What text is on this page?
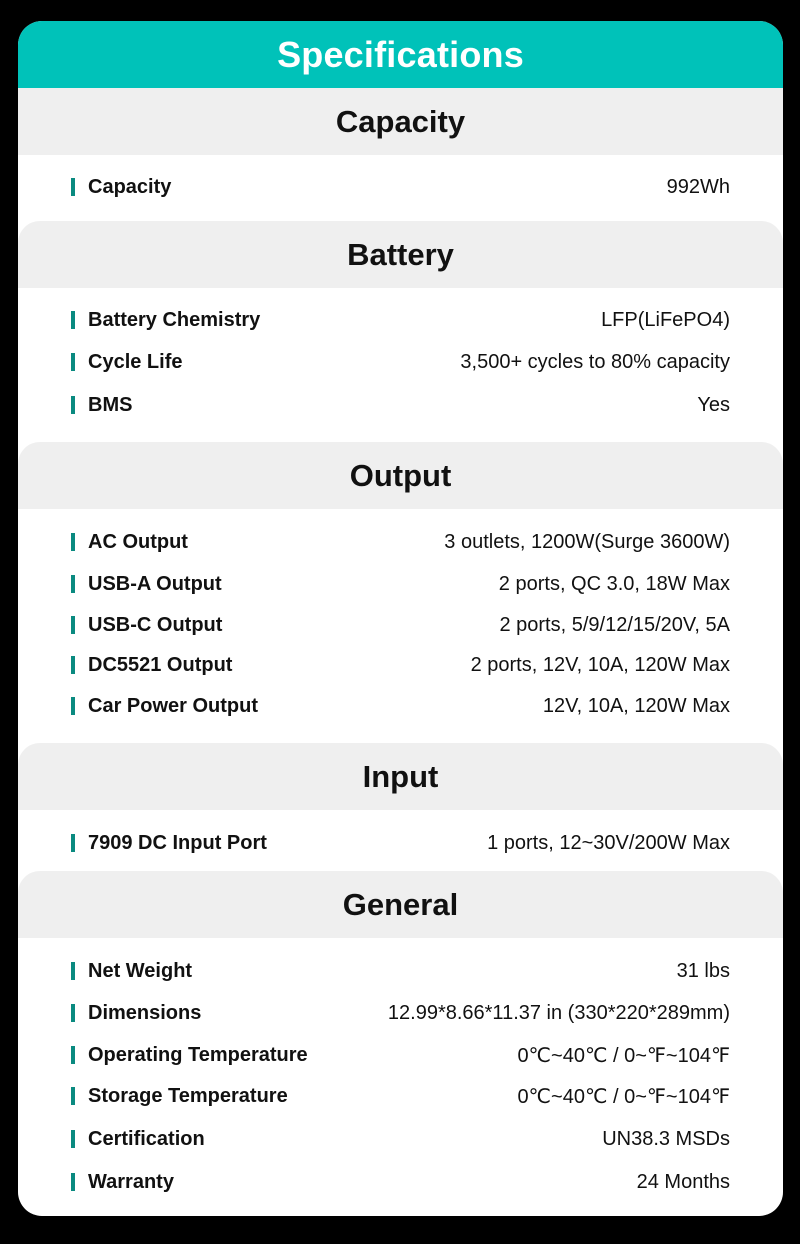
Specifications
Capacity
Capacity	992Wh
Battery
Battery Chemistry	LFP(LiFePO4)
Cycle Life	3,500+ cycles to 80% capacity
BMS	Yes
Output
AC Output	3 outlets, 1200W(Surge 3600W)
USB-A Output	2 ports, QC 3.0, 18W Max
USB-C Output	2 ports, 5/9/12/15/20V, 5A
DC5521 Output	2 ports, 12V, 10A, 120W Max
Car Power Output	12V, 10A, 120W Max
Input
7909 DC Input Port	1 ports, 12~30V/200W Max
General
Net Weight	31 lbs
Dimensions	12.99*8.66*11.37 in (330*220*289mm)
Operating Temperature	0℃~40℃ / 0~℉~104℉
Storage Temperature	0℃~40℃ / 0~℉~104℉
Certification	UN38.3 MSDs
Warranty	24 Months
